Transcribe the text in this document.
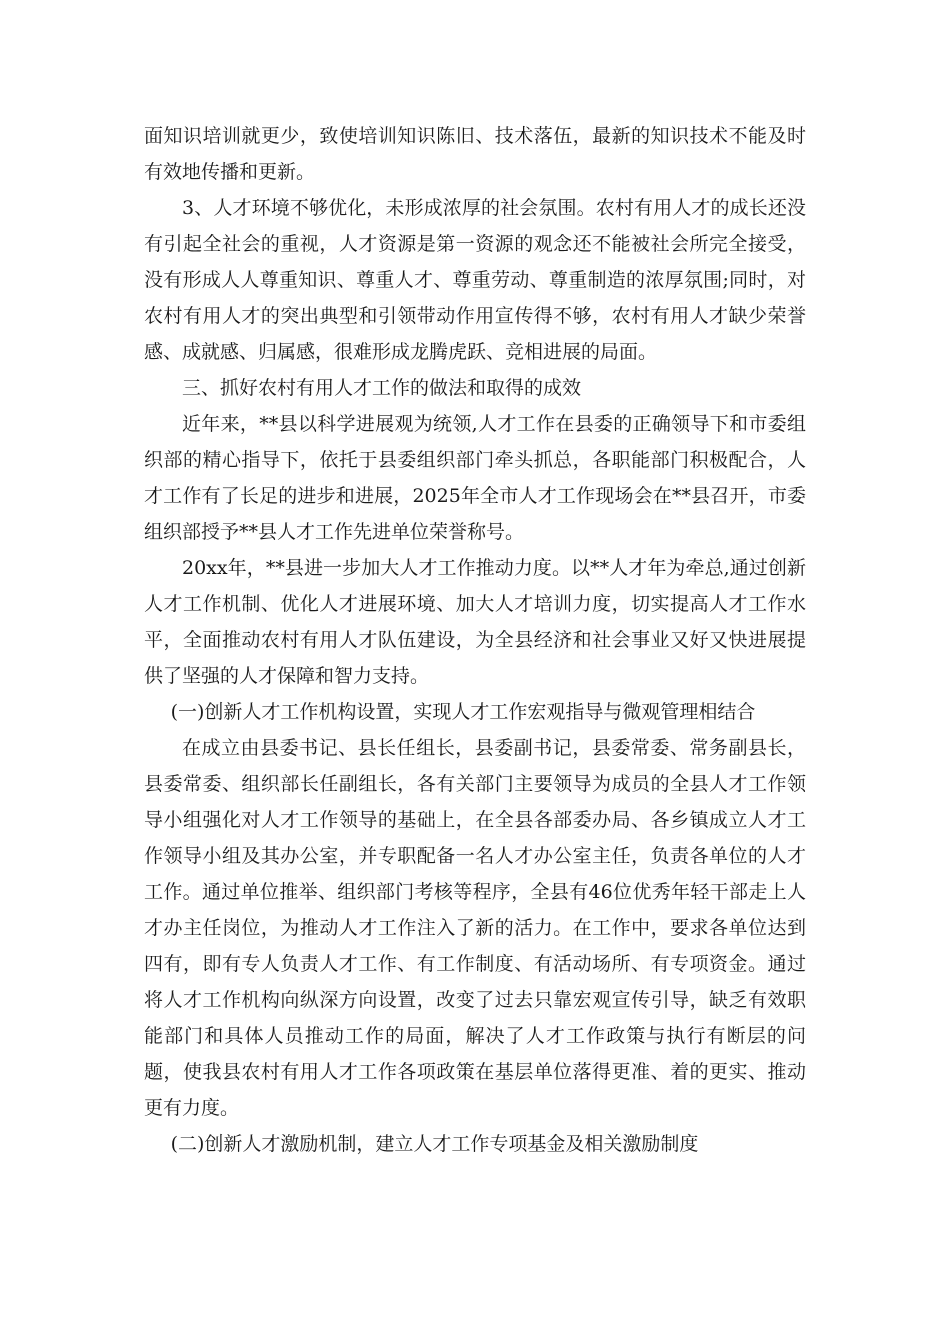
面知识培训就更少，致使培训知识陈旧、技术落伍，最新的知识技术不能及时有效地传播和更新。

3、人才环境不够优化，未形成浓厚的社会氛围。农村有用人才的成长还没有引起全社会的重视，人才资源是第一资源的观念还不能被社会所完全接受，没有形成人人尊重知识、尊重人才、尊重劳动、尊重制造的浓厚氛围;同时，对农村有用人才的突出典型和引领带动作用宣传得不够，农村有用人才缺少荣誉感、成就感、归属感，很难形成龙腾虎跃、竞相进展的局面。

三、抓好农村有用人才工作的做法和取得的成效

近年来，**县以科学进展观为统领,人才工作在县委的正确领导下和市委组织部的精心指导下，依托于县委组织部门牵头抓总，各职能部门积极配合，人才工作有了长足的进步和进展，2025年全市人才工作现场会在**县召开，市委组织部授予**县人才工作先进单位荣誉称号。

20xx年，**县进一步加大人才工作推动力度。以**人才年为牵总,通过创新人才工作机制、优化人才进展环境、加大人才培训力度，切实提高人才工作水平，全面推动农村有用人才队伍建设，为全县经济和社会事业又好又快进展提供了坚强的人才保障和智力支持。

(一)创新人才工作机构设置，实现人才工作宏观指导与微观管理相结合

在成立由县委书记、县长任组长，县委副书记，县委常委、常务副县长，县委常委、组织部长任副组长，各有关部门主要领导为成员的全县人才工作领导小组强化对人才工作领导的基础上，在全县各部委办局、各乡镇成立人才工作领导小组及其办公室，并专职配备一名人才办公室主任，负责各单位的人才工作。通过单位推举、组织部门考核等程序，全县有46位优秀年轻干部走上人才办主任岗位，为推动人才工作注入了新的活力。在工作中，要求各单位达到四有，即有专人负责人才工作、有工作制度、有活动场所、有专项资金。通过将人才工作机构向纵深方向设置，改变了过去只靠宏观宣传引导，缺乏有效职能部门和具体人员推动工作的局面，解决了人才工作政策与执行有断层的问题，使我县农村有用人才工作各项政策在基层单位落得更准、着的更实、推动更有力度。

(二)创新人才激励机制，建立人才工作专项基金及相关激励制度
